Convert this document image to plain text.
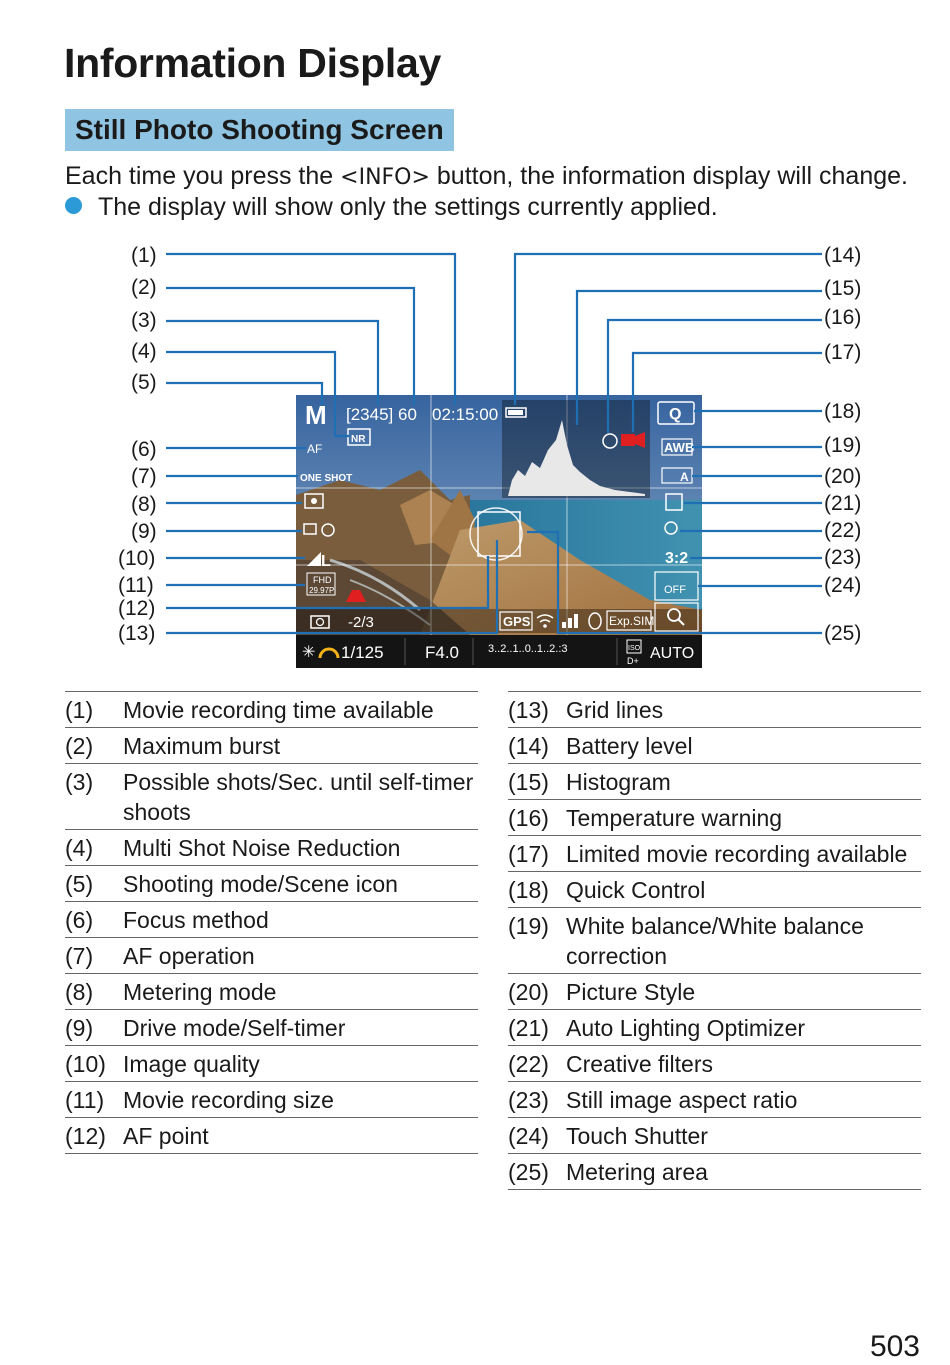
Information Display
Still Photo Shooting Screen
Each time you press the <INFO> button, the information display will change.
The display will show only the settings currently applied.
M [2345] 60 02:15:00
NR
AF
ONE SHOT
L
FHD
29.97P
-2/3	GPS	Exp.SIM
Q
AWB
A
3:2
OFF
✳ 1/125 F4.0	3..2..1..0..1..2.:3	ISO
D+ AUTO
(1)
(2)
(3)
(4)
(5)
(6)
(7)
(8)
(9)
(10)
(11)
(12)
(13)
(14)
(15)
(16)
(17)
(18)
(19)
(20)
(21)
(22)
(23)
(24)
(25)
(1)	Movie recording time available
(2)	Maximum burst
(3)	Possible shots/Sec. until self-timer shoots
(4)	Multi Shot Noise Reduction
(5)	Shooting mode/Scene icon
(6)	Focus method
(7)	AF operation
(8)	Metering mode
(9)	Drive mode/Self-timer
(10) Image quality
(11) Movie recording size
(12) AF point
(13) Grid lines
(14) Battery level
(15) Histogram
(16) Temperature warning
(17) Limited movie recording available
(18) Quick Control
(19) White balance/White balance correction
(20) Picture Style
(21) Auto Lighting Optimizer
(22) Creative filters
(23) Still image aspect ratio
(24) Touch Shutter
(25) Metering area
503
